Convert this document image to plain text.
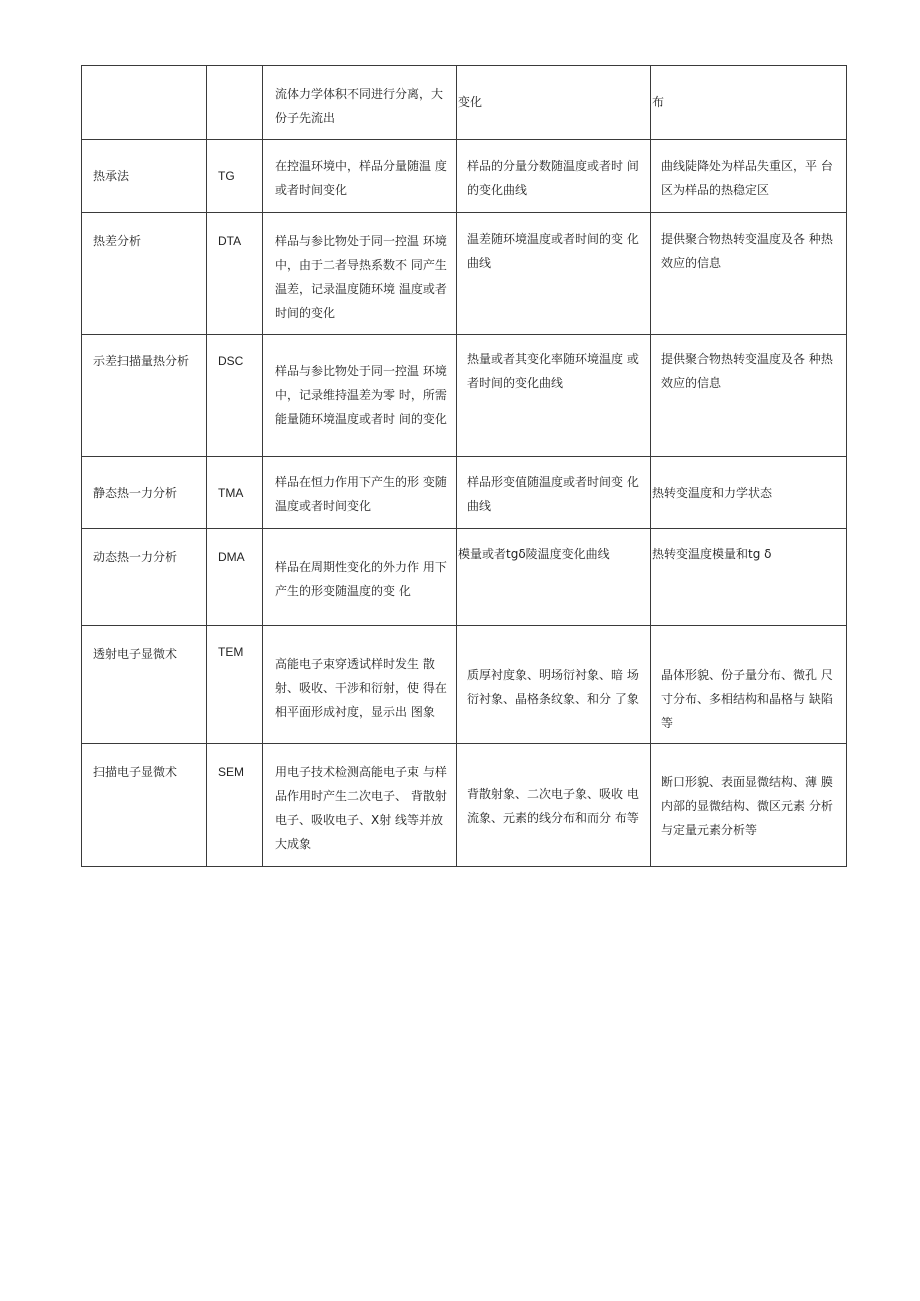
		流体力学体积不同进行分离，大份子先流出	变化	布

热承法	TG	在控温环境中，样品分量随温 度或者时间变化	样品的分量分数随温度或者时 间的变化曲线	曲线陡降处为样品失重区，平 台区为样品的热稳定区

热差分析	DTA	样品与参比物处于同一控温 环境中，由于二者导热系数不 同产生温差，记录温度随环境 温度或者时间的变化	温差随环境温度或者时间的变 化曲线	提供聚合物热转变温度及各 种热效应的信息

示差扫描量热分析	DSC	样品与参比物处于同一控温 环境中，记录维持温差为零 时，所需能量随环境温度或者时 间的变化	热量或者其变化率随环境温度 或者时间的变化曲线	提供聚合物热转变温度及各 种热效应的信息

静态热一力分析	TMA	样品在恒力作用下产生的形 变随温度或者时间变化	样品形变值随温度或者时间变 化曲线	热转变温度和力学状态

动态热一力分析	DMA	样品在周期性变化的外力作 用下产生的形变随温度的变 化	模量或者tgδ陵温度变化曲线	热转变温度模量和tg δ

透射电子显微术	TEM	高能电子束穿透试样时发生 散射、吸收、干涉和衍射，使 得在相平面形成衬度，显示出 图象	质厚衬度象、明场衍衬象、暗 场衍衬象、晶格条纹象、和分 了象	晶体形貌、份子量分布、微孔 尺寸分布、多相结构和晶格与 缺陷等

扫描电子显微术	SEM	用电子技术检测高能电子束 与样品作用时产生二次电子、 背散射电子、吸收电子、X射 线等并放大成象	背散射象、二次电子象、吸收 电流象、元素的线分布和而分 布等	断口形貌、表面显微结构、薄 膜内部的显微结构、微区元素 分析与定量元素分析等
